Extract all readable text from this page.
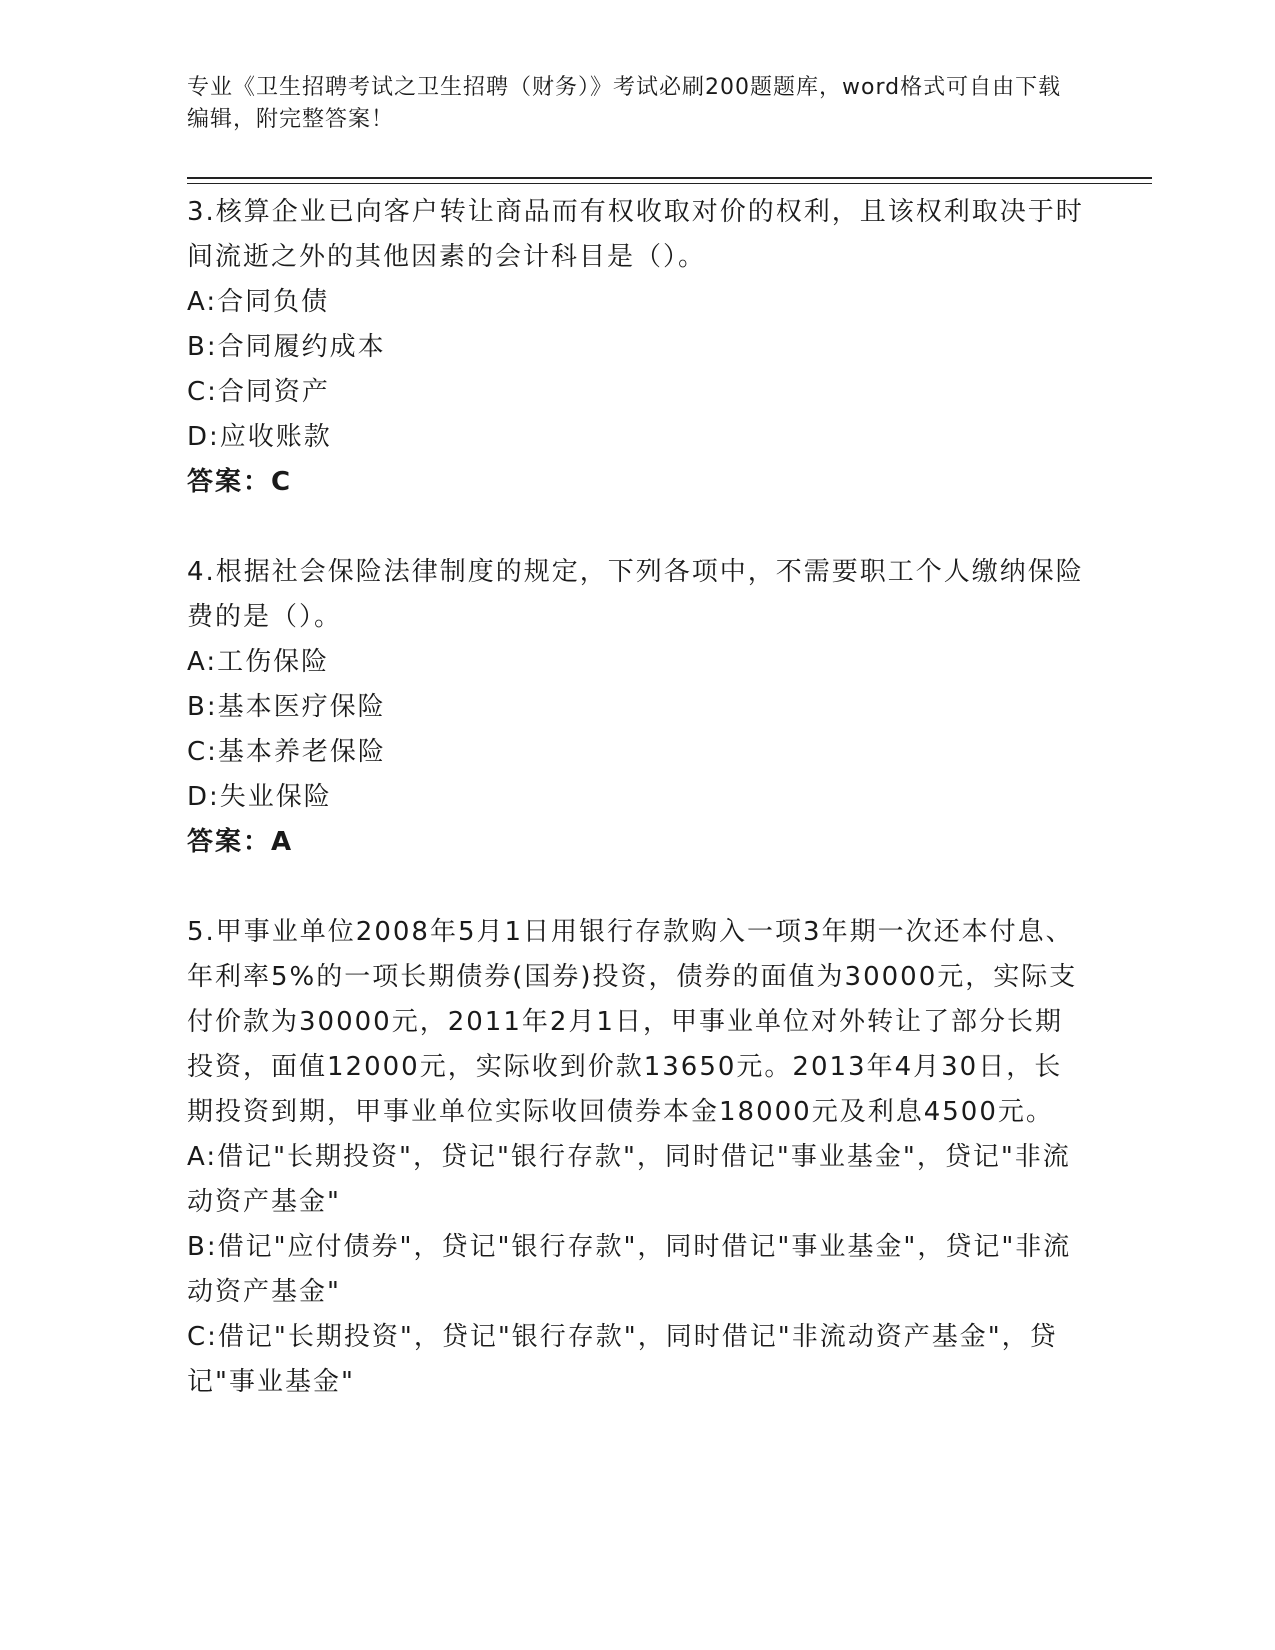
专业《卫生招聘考试之卫生招聘（财务）》考试必刷200题题库，word格式可自由下载编辑，附完整答案！

3.核算企业已向客户转让商品而有权收取对价的权利，且该权利取决于时间流逝之外的其他因素的会计科目是（）。

A:合同负债

B:合同履约成本

C:合同资产

D:应收账款

答案：C

4.根据社会保险法律制度的规定，下列各项中，不需要职工个人缴纳保险费的是（）。

A:工伤保险

B:基本医疗保险

C:基本养老保险

D:失业保险

答案：A

5.甲事业单位2008年5月1日用银行存款购入一项3年期一次还本付息、年利率5%的一项长期债券(国券)投资，债券的面值为30000元，实际支付价款为30000元，2011年2月1日，甲事业单位对外转让了部分长期投资，面值12000元，实际收到价款13650元。2013年4月30日，长期投资到期，甲事业单位实际收回债券本金18000元及利息4500元。

A:借记"长期投资"，贷记"银行存款"，同时借记"事业基金"，贷记"非流动资产基金"

B:借记"应付债券"，贷记"银行存款"，同时借记"事业基金"，贷记"非流动资产基金"

C:借记"长期投资"，贷记"银行存款"，同时借记"非流动资产基金"，贷记"事业基金"
